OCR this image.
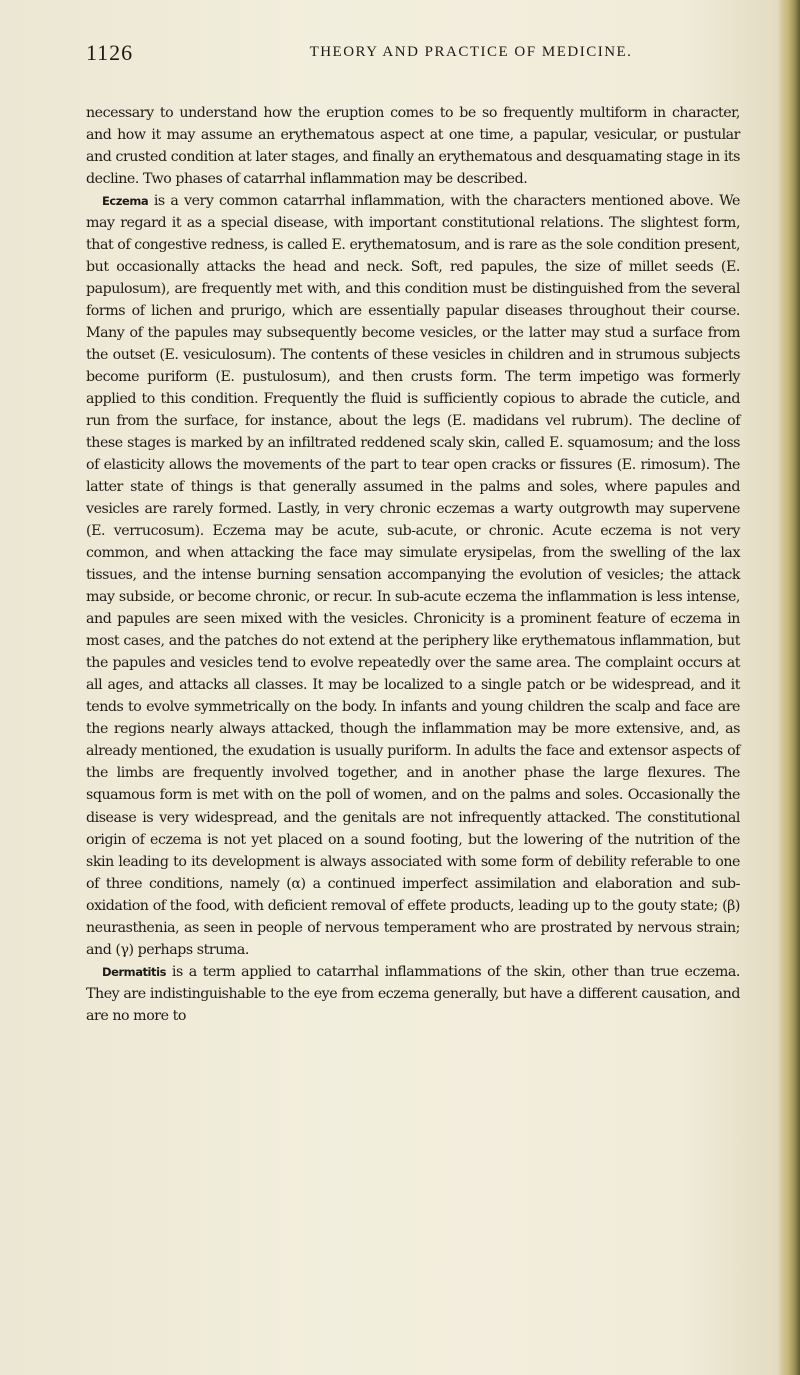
1126	THEORY AND PRACTICE OF MEDICINE.

necessary to understand how the eruption comes to be so frequently multiform in character, and how it may assume an erythematous aspect at one time, a papular, vesicular, or pustular and crusted condition at later stages, and finally an erythematous and desquamating stage in its decline. Two phases of catarrhal inflammation may be described.

Eczema is a very common catarrhal inflammation, with the characters mentioned above. We may regard it as a special disease, with important constitutional relations. The slightest form, that of congestive redness, is called E. erythematosum, and is rare as the sole condition present, but occasionally attacks the head and neck. Soft, red papules, the size of millet seeds (E. papulosum), are frequently met with, and this condition must be distinguished from the several forms of lichen and prurigo, which are essentially papular diseases throughout their course. Many of the papules may subsequently become vesicles, or the latter may stud a surface from the outset (E. vesiculosum). The contents of these vesicles in children and in strumous subjects become puriform (E. pustulosum), and then crusts form. The term impetigo was formerly applied to this condition. Frequently the fluid is sufficiently copious to abrade the cuticle, and run from the surface, for instance, about the legs (E. madidans vel rubrum). The decline of these stages is marked by an infiltrated reddened scaly skin, called E. squamosum; and the loss of elasticity allows the movements of the part to tear open cracks or fissures (E. rimosum). The latter state of things is that generally assumed in the palms and soles, where papules and vesicles are rarely formed. Lastly, in very chronic eczemas a warty outgrowth may supervene (E. verrucosum). Eczema may be acute, sub-acute, or chronic. Acute eczema is not very common, and when attacking the face may simulate erysipelas, from the swelling of the lax tissues, and the intense burning sensation accompanying the evolution of vesicles; the attack may subside, or become chronic, or recur. In sub-acute eczema the inflammation is less intense, and papules are seen mixed with the vesicles. Chronicity is a prominent feature of eczema in most cases, and the patches do not extend at the periphery like erythematous inflammation, but the papules and vesicles tend to evolve repeatedly over the same area. The complaint occurs at all ages, and attacks all classes. It may be localized to a single patch or be widespread, and it tends to evolve symmetrically on the body. In infants and young children the scalp and face are the regions nearly always attacked, though the inflammation may be more extensive, and, as already mentioned, the exudation is usually puriform. In adults the face and extensor aspects of the limbs are frequently involved together, and in another phase the large flexures. The squamous form is met with on the poll of women, and on the palms and soles. Occasionally the disease is very widespread, and the genitals are not infrequently attacked. The constitutional origin of eczema is not yet placed on a sound footing, but the lowering of the nutrition of the skin leading to its development is always associated with some form of debility referable to one of three conditions, namely (α) a continued imperfect assimilation and elaboration and sub-oxidation of the food, with deficient removal of effete products, leading up to the gouty state; (β) neurasthenia, as seen in people of nervous temperament who are prostrated by nervous strain; and (γ) perhaps struma.

Dermatitis is a term applied to catarrhal inflammations of the skin, other than true eczema. They are indistinguishable to the eye from eczema generally, but have a different causation, and are no more to
